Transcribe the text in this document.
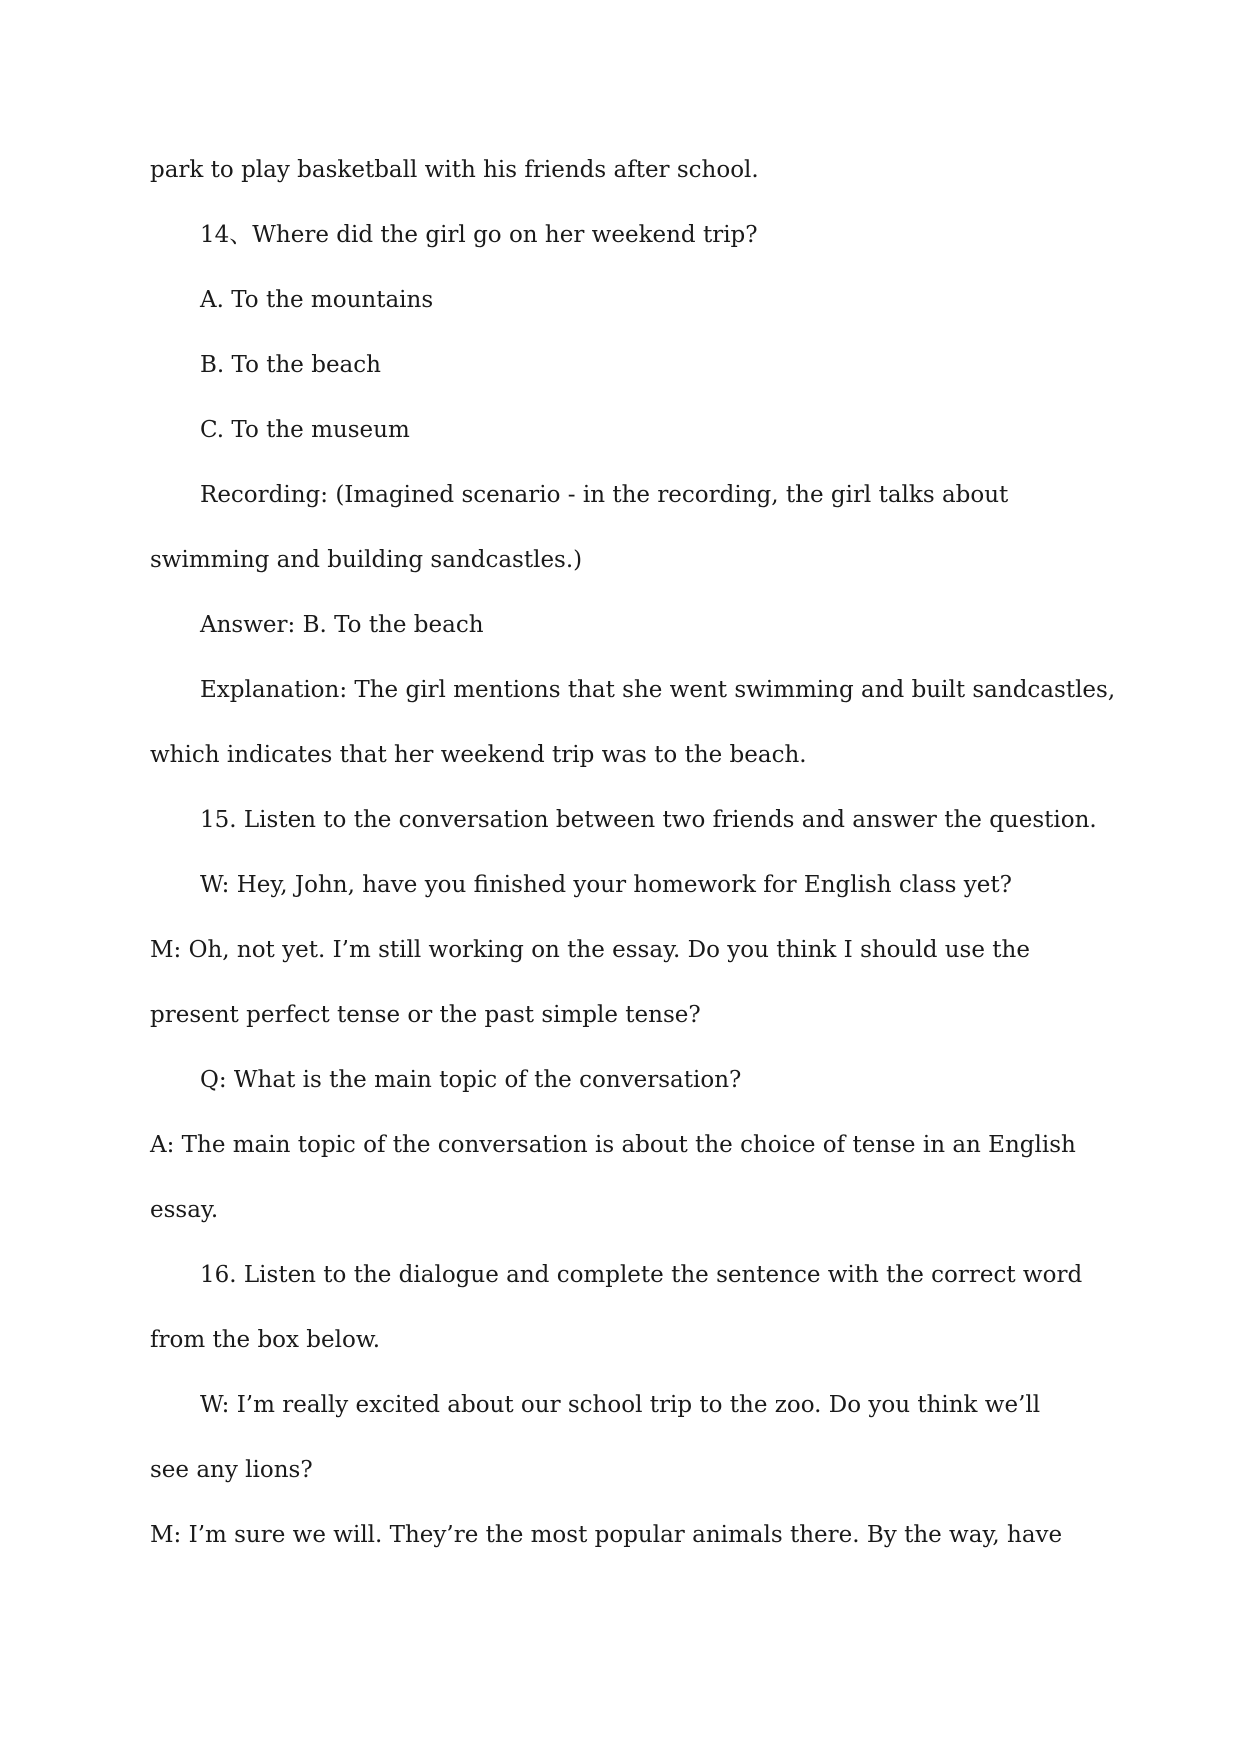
park to play basketball with his friends after school.
14、Where did the girl go on her weekend trip?
A. To the mountains
B. To the beach
C. To the museum
Recording: (Imagined scenario - in the recording, the girl talks about
swimming and building sandcastles.)
Answer: B. To the beach
Explanation: The girl mentions that she went swimming and built sandcastles,
which indicates that her weekend trip was to the beach.
15. Listen to the conversation between two friends and answer the question.
W: Hey, John, have you finished your homework for English class yet?
M: Oh, not yet. I’m still working on the essay. Do you think I should use the
present perfect tense or the past simple tense?
Q: What is the main topic of the conversation?
A: The main topic of the conversation is about the choice of tense in an English
essay.
16. Listen to the dialogue and complete the sentence with the correct word
from the box below.
W: I’m really excited about our school trip to the zoo. Do you think we’ll
see any lions?
M: I’m sure we will. They’re the most popular animals there. By the way, have
